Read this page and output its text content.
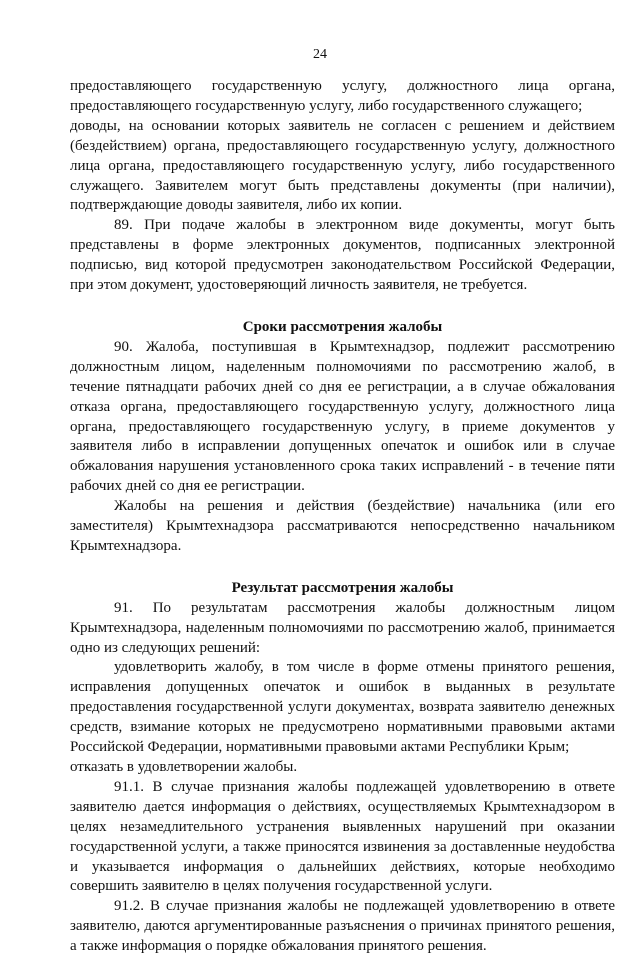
24

предоставляющего государственную услугу, должностного лица органа, предоставляющего государственную услугу, либо государственного служащего;

доводы, на основании которых заявитель не согласен с решением и действием (бездействием) органа, предоставляющего государственную услугу, должностного лица органа, предоставляющего государственную услугу, либо государственного служащего. Заявителем могут быть представлены документы (при наличии), подтверждающие доводы заявителя, либо их копии.

89. При подаче жалобы в электронном виде документы, могут быть представлены в форме электронных документов, подписанных электронной подписью, вид которой предусмотрен законодательством Российской Федерации, при этом документ, удостоверяющий личность заявителя, не требуется.

Сроки рассмотрения жалобы

90. Жалоба, поступившая в Крымтехнадзор, подлежит рассмотрению должностным лицом, наделенным полномочиями по рассмотрению жалоб, в течение пятнадцати рабочих дней со дня ее регистрации, а в случае обжалования отказа органа, предоставляющего государственную услугу, должностного лица органа, предоставляющего государственную услугу, в приеме документов у заявителя либо в исправлении допущенных опечаток и ошибок или в случае обжалования нарушения установленного срока таких исправлений - в течение пяти рабочих дней со дня ее регистрации.

Жалобы на решения и действия (бездействие) начальника (или его заместителя) Крымтехнадзора рассматриваются непосредственно начальником Крымтехнадзора.

Результат рассмотрения жалобы

91. По результатам рассмотрения жалобы должностным лицом Крымтехнадзора, наделенным полномочиями по рассмотрению жалоб, принимается одно из следующих решений:

удовлетворить жалобу, в том числе в форме отмены принятого решения, исправления допущенных опечаток и ошибок в выданных в результате предоставления государственной услуги документах, возврата заявителю денежных средств, взимание которых не предусмотрено нормативными правовыми актами Российской Федерации, нормативными правовыми актами Республики Крым;

отказать в удовлетворении жалобы.

91.1. В случае признания жалобы подлежащей удовлетворению в ответе заявителю дается информация о действиях, осуществляемых Крымтехнадзором в целях незамедлительного устранения выявленных нарушений при оказании государственной услуги, а также приносятся извинения за доставленные неудобства и указывается информация о дальнейших действиях, которые необходимо совершить заявителю в целях получения государственной услуги.

91.2. В случае признания жалобы не подлежащей удовлетворению в ответе заявителю, даются аргументированные разъяснения о причинах принятого решения, а также информация о порядке обжалования принятого решения.
